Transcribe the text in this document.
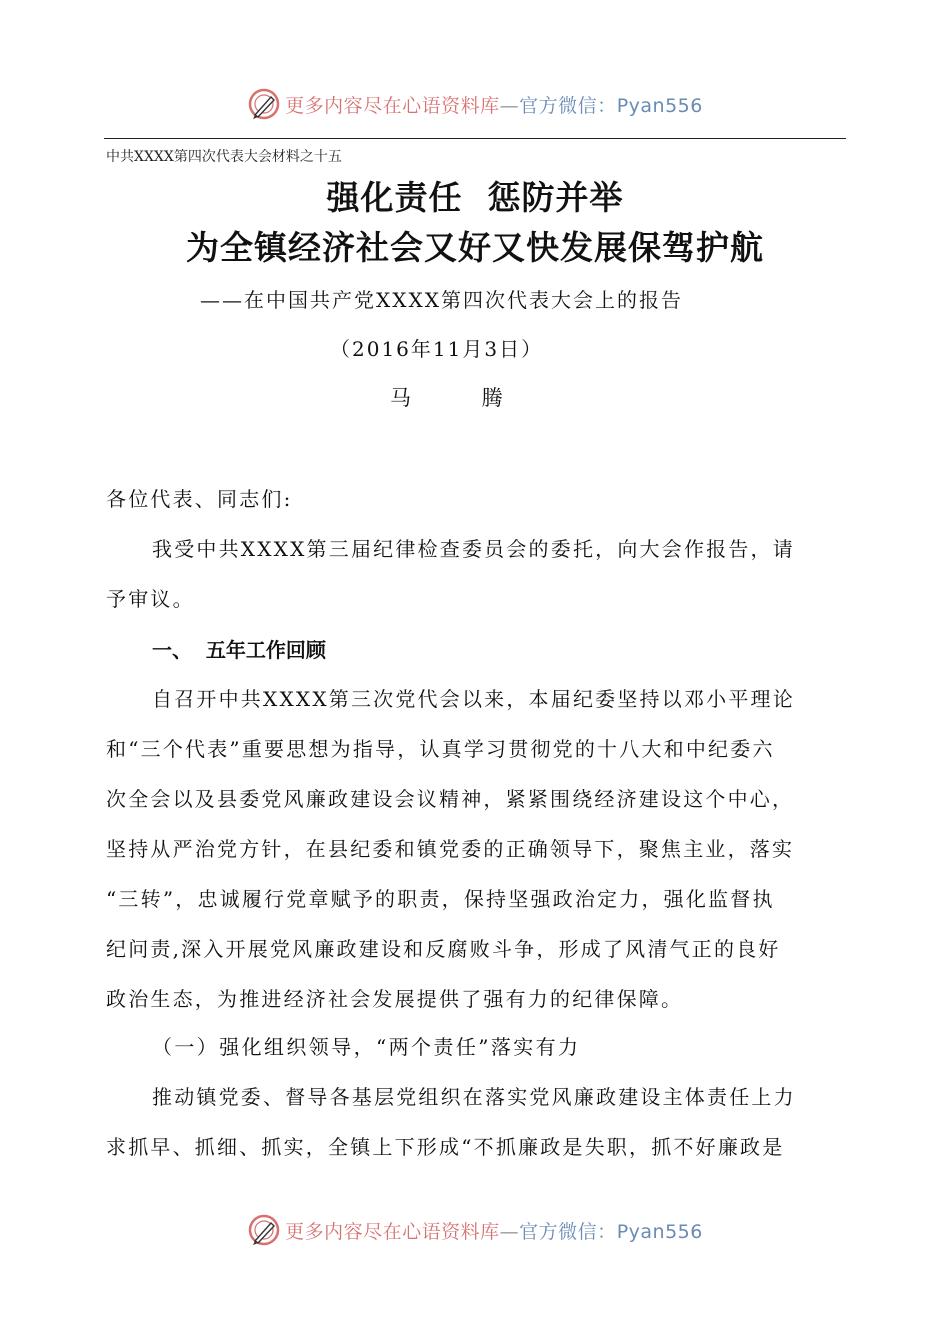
更多内容尽在心语资料库—官方微信：Pyan556
中共XXXX第四次代表大会材料之十五
强化责任  惩防并举
为全镇经济社会又好又快发展保驾护航
——在中国共产党XXXX第四次代表大会上的报告
（2016年11月3日）
马 腾
各位代表、同志们:
我受中共XXXX第三届纪律检查委员会的委托，向大会作报告，请
予审议。
一、  五年工作回顾
自召开中共XXXX第三次党代会以来，本届纪委坚持以邓小平理论
和“三个代表”重要思想为指导，认真学习贯彻党的十八大和中纪委六
次全会以及县委党风廉政建设会议精神，紧紧围绕经济建设这个中心，
坚持从严治党方针，在县纪委和镇党委的正确领导下，聚焦主业，落实
“三转”，忠诚履行党章赋予的职责，保持坚强政治定力，强化监督执
纪问责,深入开展党风廉政建设和反腐败斗争，形成了风清气正的良好
政治生态，为推进经济社会发展提供了强有力的纪律保障。
（一）强化组织领导，“两个责任”落实有力
推动镇党委、督导各基层党组织在落实党风廉政建设主体责任上力
求抓早、抓细、抓实，全镇上下形成“不抓廉政是失职，抓不好廉政是
更多内容尽在心语资料库—官方微信：Pyan556
